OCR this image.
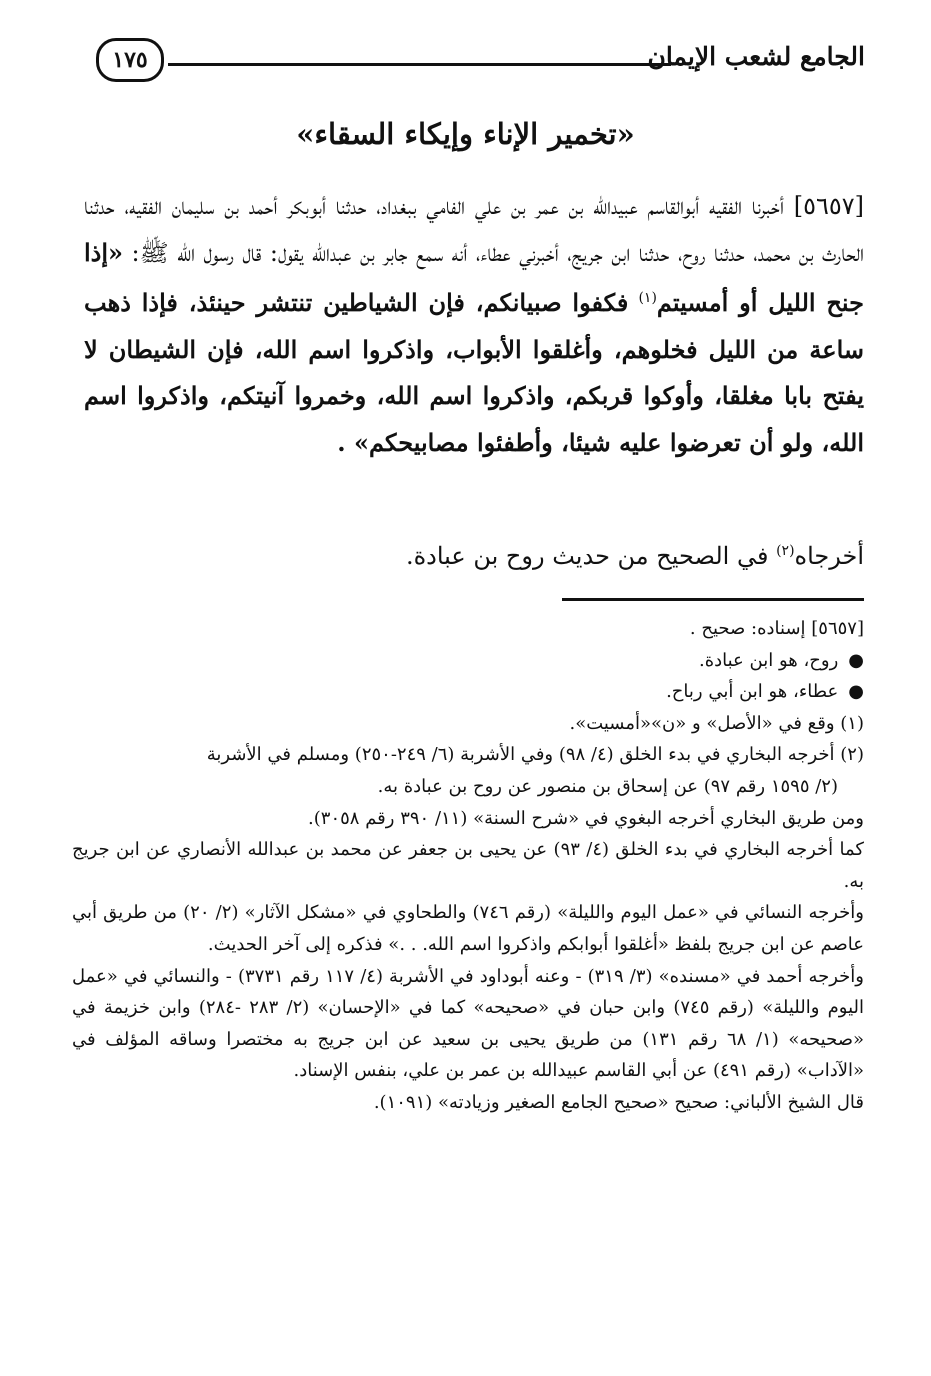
الجامع لشعب الإيمان
١٧٥
«تخمير الإناء وإيكاء السقاء»
[٥٦٥٧] أخبرنا الفقيه أبوالقاسم عبيدالله بن عمر بن علي الفامي ببغداد، حدثنا أبوبكر أحمد بن سليمان الفقيه، حدثنا الحارث بن محمد، حدثنا روح، حدثنا ابن جريج، أخبرني عطاء، أنه سمع جابر بن عبدالله يقول: قال رسول الله ﷺ: «إذا جنح الليل أو أمسيتم$^{(١)}$ فكفوا صبيانكم، فإن الشياطين تنتشر حينئذ، فإذا ذهب ساعة من الليل فخلوهم، وأغلقوا الأبواب، واذكروا اسم الله، فإن الشيطان لا يفتح بابا مغلقا، وأوكوا قربكم، واذكروا اسم الله، وخمروا آنيتكم، واذكروا اسم الله، ولو أن تعرضوا عليه شيئا، وأطفئوا مصابيحكم» .
أخرجاه$^{(٢)}$ في الصحيح من حديث روح بن عبادة.

[٥٦٥٧] إسناده: صحيح .

●روح، هو ابن عبادة.

●عطاء، هو ابن أبي رباح.

(١) وقع في «الأصل» و «ن»«أمسيت».

(٢) أخرجه البخاري في بدء الخلق (٤/ ٩٨) وفي الأشربة (٦/ ٢٤٩-٢٥٠) ومسلم في الأشربة

(٢/ ١٥٩٥ رقم ٩٧) عن إسحاق بن منصور عن روح بن عبادة به.

ومن طريق البخاري أخرجه البغوي في «شرح السنة» (١١/ ٣٩٠ رقم ٣٠٥٨).

كما أخرجه البخاري في بدء الخلق (٤/ ٩٣) عن يحيى بن جعفر عن محمد بن عبدالله الأنصاري عن ابن جريج به.

وأخرجه النسائي في «عمل اليوم والليلة» (رقم ٧٤٦) والطحاوي في «مشكل الآثار» (٢/ ٢٠) من طريق أبي عاصم عن ابن جريج بلفظ «أغلقوا أبوابكم واذكروا اسم الله. . .» فذكره إلى آخر الحديث.

وأخرجه أحمد في «مسنده» (٣/ ٣١٩) - وعنه أبوداود في الأشربة (٤/ ١١٧ رقم ٣٧٣١) - والنسائي في «عمل اليوم والليلة» (رقم ٧٤٥) وابن حبان في «صحيحه» كما في «الإحسان» (٢/ ٢٨٣ -٢٨٤) وابن خزيمة في «صحيحه» (١/ ٦٨ رقم ١٣١) من طريق يحيى بن سعيد عن ابن جريج به مختصرا وساقه المؤلف في «الآداب» (رقم ٤٩١) عن أبي القاسم عبيدالله بن عمر بن علي، بنفس الإسناد.

قال الشيخ الألباني: صحيح «صحيح الجامع الصغير وزيادته» (١٠٩١).
